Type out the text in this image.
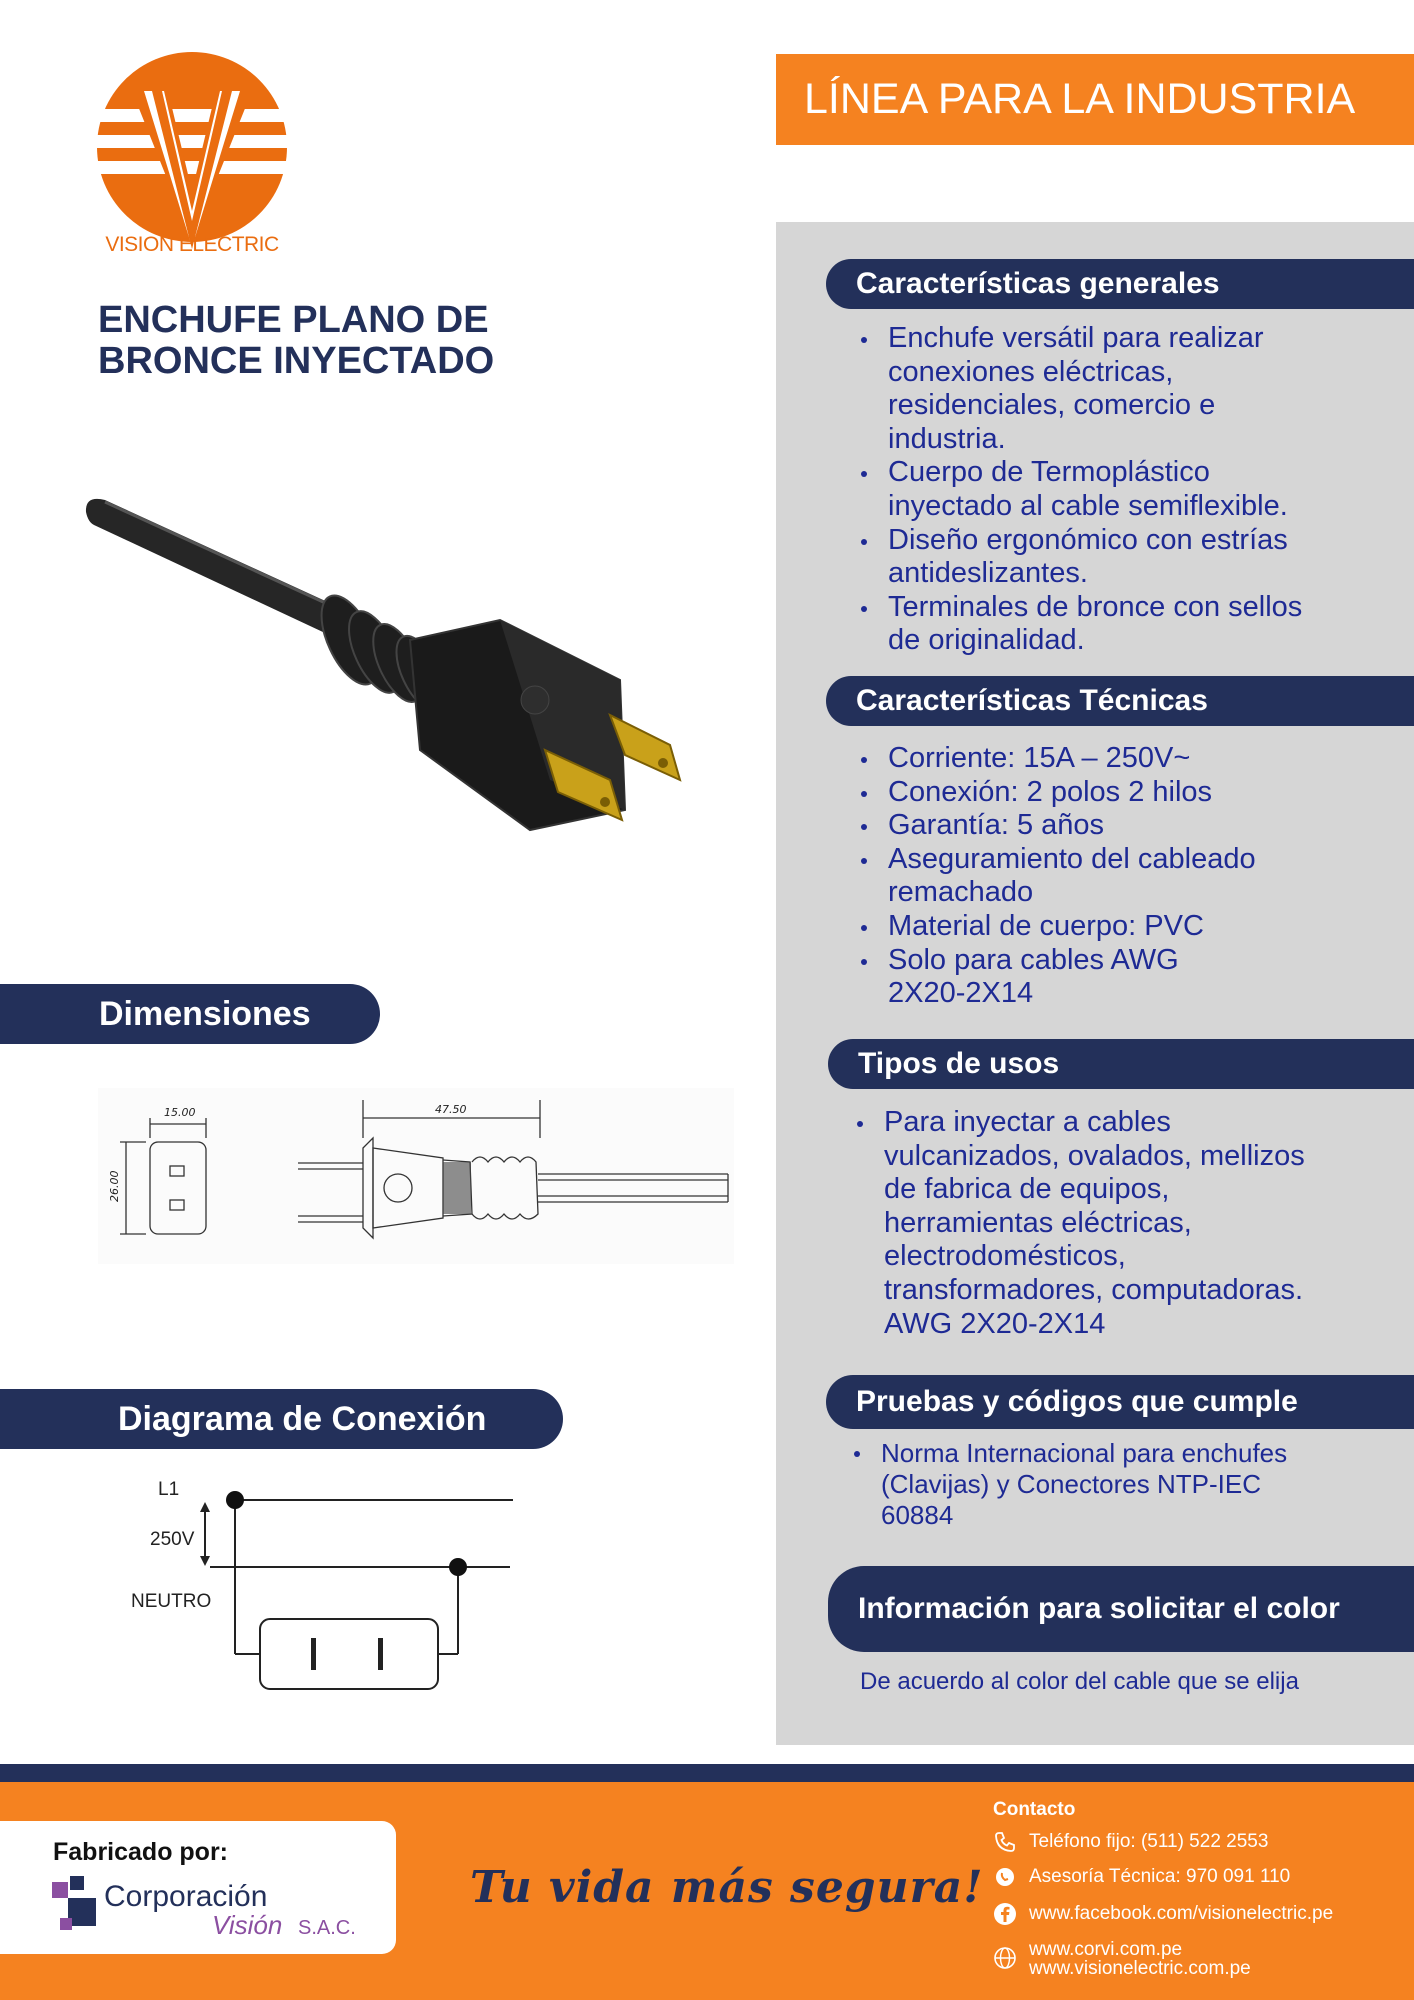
VISION ELECTRIC
LÍNEA PARA LA INDUSTRIA
ENCHUFE PLANO DE
BRONCE INYECTADO
Dimensiones
15.00
26.00
47.50
Diagrama de Conexión
L1
250V
NEUTRO
Características generales
Enchufe versátil para realizar conexiones eléctricas, residenciales, comercio e industria.
Cuerpo de Termoplástico inyectado al cable semiflexible.
Diseño ergonómico con estrías antideslizantes.
Terminales de bronce con sellos de originalidad.
Características Técnicas
Corriente: 15A – 250V~
Conexión: 2 polos 2 hilos
Garantía: 5 años
Aseguramiento del cableado remachado
Material de cuerpo: PVC
Solo para cables AWG 2X20-2X14
Tipos de usos
Para inyectar a cables vulcanizados, ovalados, mellizos de fabrica de equipos, herramientas eléctricas, electrodomésticos, transformadores, computadoras. AWG 2X20-2X14
Pruebas y códigos que cumple
Norma Internacional para enchufes (Clavijas) y Conectores NTP-IEC 60884
Información para solicitar el color
De acuerdo al color del cable que se elija
Fabricado por:
Corporación
Visión S.A.C.
Tu vida más segura!
Contacto
Teléfono fijo: (511) 522 2553
Asesoría Técnica: 970 091 110
www.facebook.com/visionelectric.pe
www.corvi.com.pe
www.visionelectric.com.pe
